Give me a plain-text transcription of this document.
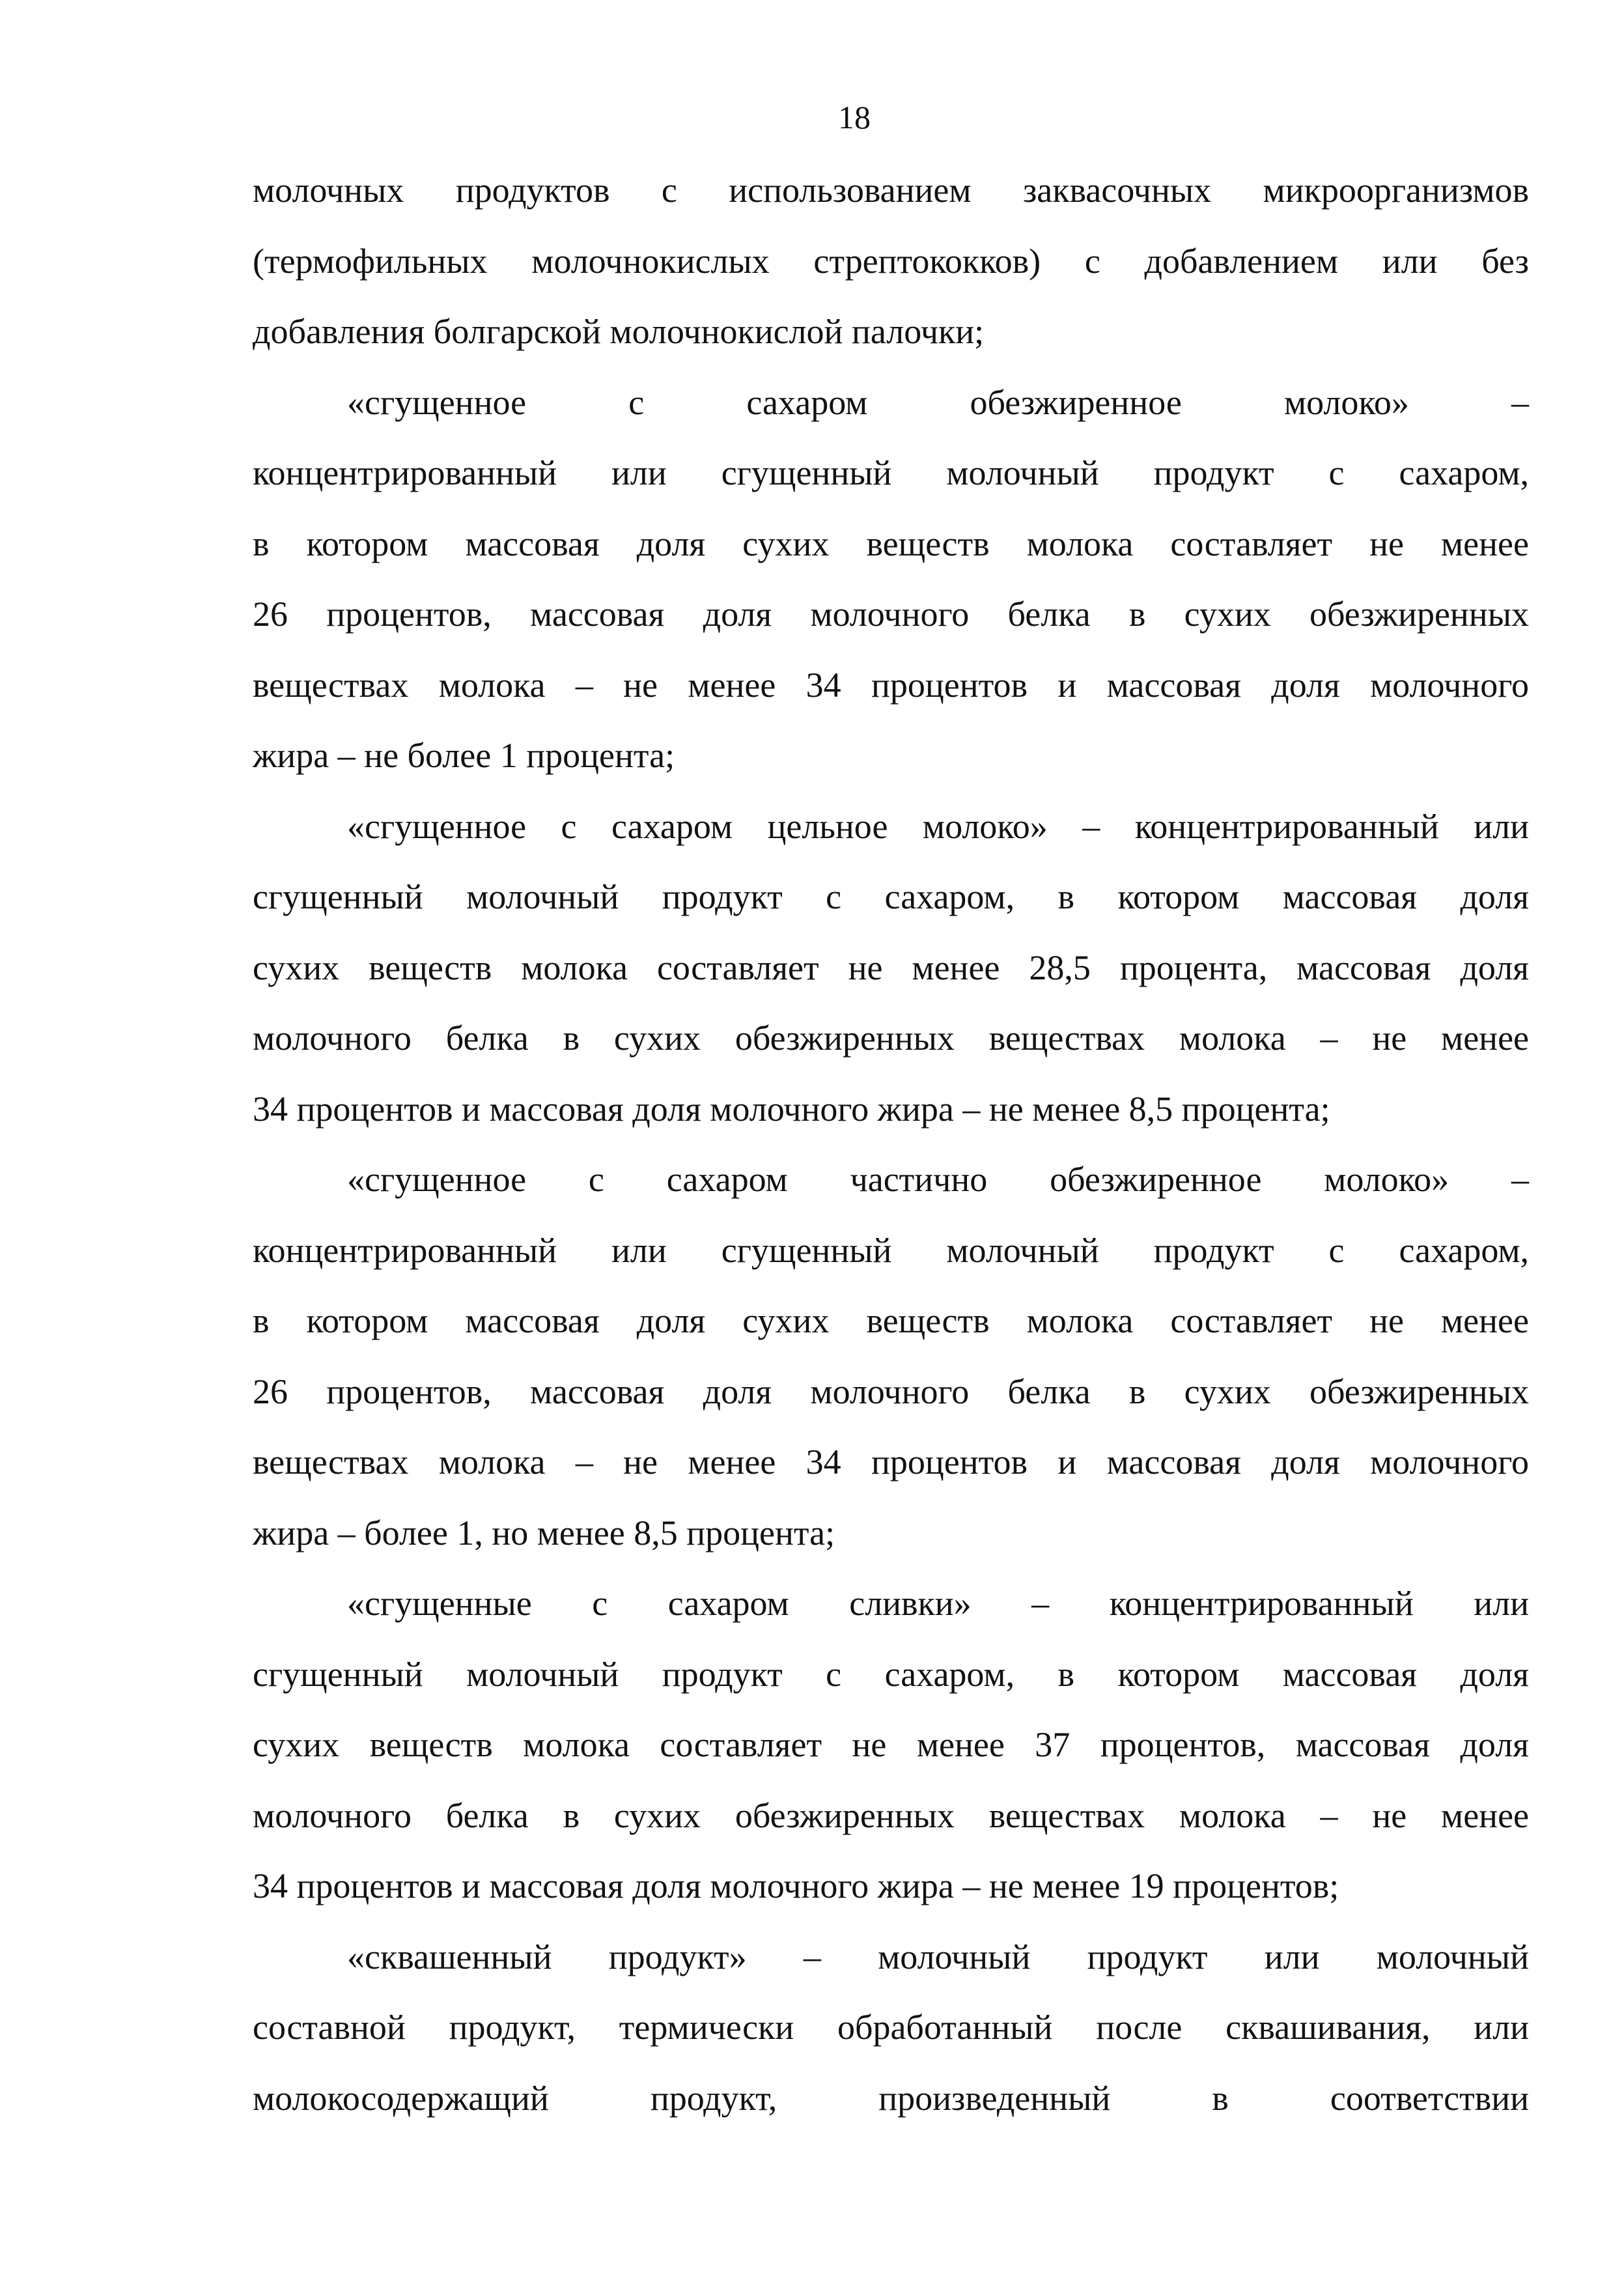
18
молочных продуктов с использованием заквасочных микроорганизмов
(термофильных молочнокислых стрептококков) с добавлением или без
добавления болгарской молочнокислой палочки;
«сгущенное с сахаром обезжиренное молоко» –
концентрированный или сгущенный молочный продукт с сахаром,
в котором массовая доля сухих веществ молока составляет не менее
26 процентов, массовая доля молочного белка в сухих обезжиренных
веществах молока – не менее 34 процентов и массовая доля молочного
жира – не более 1 процента;
«сгущенное с сахаром цельное молоко» – концентрированный или
сгущенный молочный продукт с сахаром, в котором массовая доля
сухих веществ молока составляет не менее 28,5 процента, массовая доля
молочного белка в сухих обезжиренных веществах молока – не менее
34 процентов и массовая доля молочного жира – не менее 8,5 процента;
«сгущенное с сахаром частично обезжиренное молоко» –
концентрированный или сгущенный молочный продукт с сахаром,
в котором массовая доля сухих веществ молока составляет не менее
26 процентов, массовая доля молочного белка в сухих обезжиренных
веществах молока – не менее 34 процентов и массовая доля молочного
жира – более 1, но менее 8,5 процента;
«сгущенные с сахаром сливки» – концентрированный или
сгущенный молочный продукт с сахаром, в котором массовая доля
сухих веществ молока составляет не менее 37 процентов, массовая доля
молочного белка в сухих обезжиренных веществах молока – не менее
34 процентов и массовая доля молочного жира – не менее 19 процентов;
«сквашенный продукт» – молочный продукт или молочный
составной продукт, термически обработанный после сквашивания, или
молокосодержащий продукт, произведенный в соответствии
